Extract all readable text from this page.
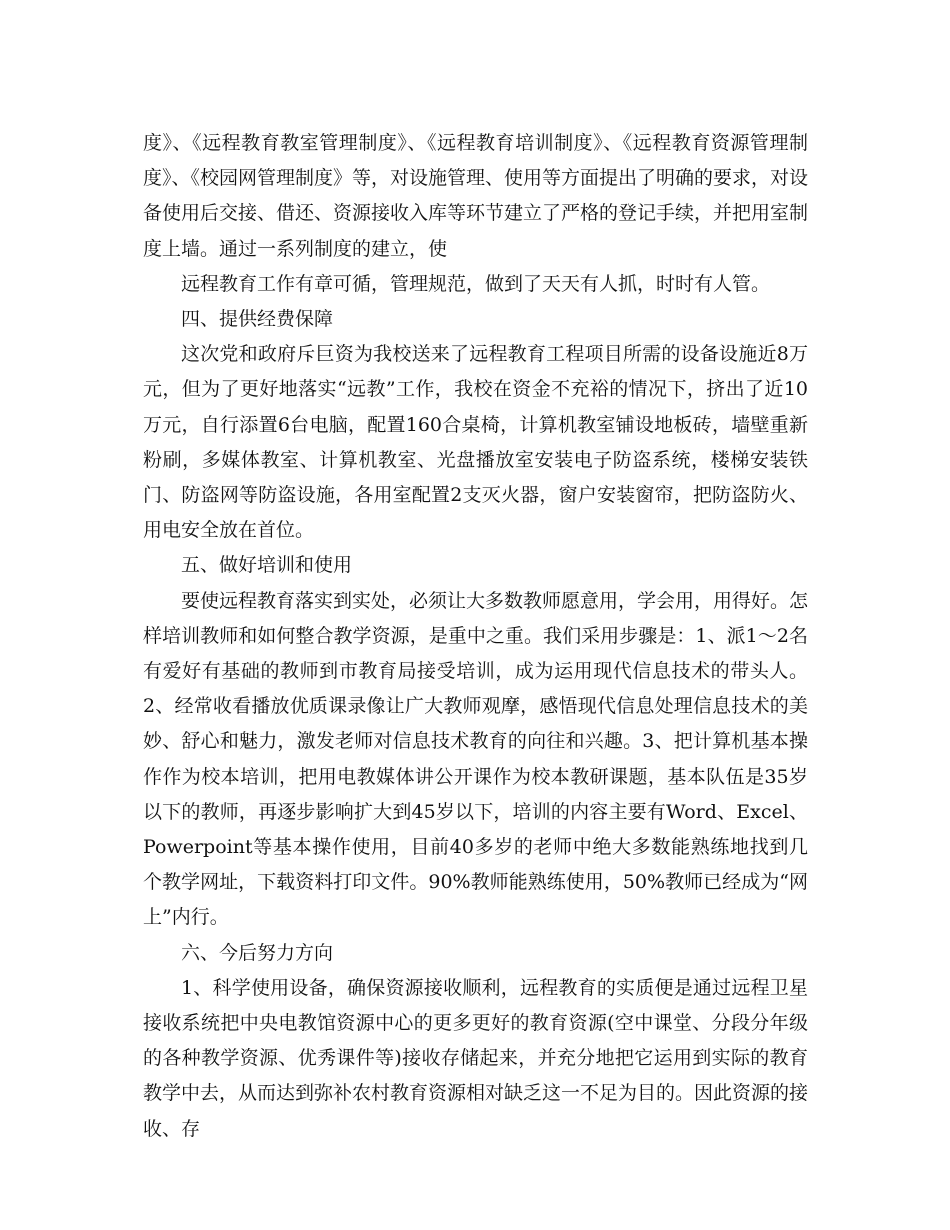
度》、《远程教育教室管理制度》、《远程教育培训制度》、《远程教育资源管理制度》、《校园网管理制度》等，对设施管理、使用等方面提出了明确的要求，对设备使用后交接、借还、资源接收入库等环节建立了严格的登记手续，并把用室制度上墙。通过一系列制度的建立，使

远程教育工作有章可循，管理规范，做到了天天有人抓，时时有人管。

四、提供经费保障

这次党和政府斥巨资为我校送来了远程教育工程项目所需的设备设施近8万元，但为了更好地落实“远教”工作，我校在资金不充裕的情况下，挤出了近10万元，自行添置6台电脑，配置160合桌椅，计算机教室铺设地板砖，墙壁重新粉刷，多媒体教室、计算机教室、光盘播放室安装电子防盗系统，楼梯安装铁门、防盗网等防盗设施，各用室配置2支灭火器，窗户安装窗帘，把防盗防火、用电安全放在首位。

五、做好培训和使用

要使远程教育落实到实处，必须让大多数教师愿意用，学会用，用得好。怎样培训教师和如何整合教学资源，是重中之重。我们采用步骤是：1、派1～2名有爱好有基础的教师到市教育局接受培训，成为运用现代信息技术的带头人。2、经常收看播放优质课录像让广大教师观摩，感悟现代信息处理信息技术的美妙、舒心和魅力，激发老师对信息技术教育的向往和兴趣。3、把计算机基本操作作为校本培训，把用电教媒体讲公开课作为校本教研课题，基本队伍是35岁以下的教师，再逐步影响扩大到45岁以下，培训的内容主要有Word、Excel、Powerpoint等基本操作使用，目前40多岁的老师中绝大多数能熟练地找到几个教学网址，下载资料打印文件。90%教师能熟练使用，50%教师已经成为“网上”内行。

六、今后努力方向

1、科学使用设备，确保资源接收顺利，远程教育的实质便是通过远程卫星接收系统把中央电教馆资源中心的更多更好的教育资源(空中课堂、分段分年级的各种教学资源、优秀课件等)接收存储起来，并充分地把它运用到实际的教育教学中去，从而达到弥补农村教育资源相对缺乏这一不足为目的。因此资源的接收、存
